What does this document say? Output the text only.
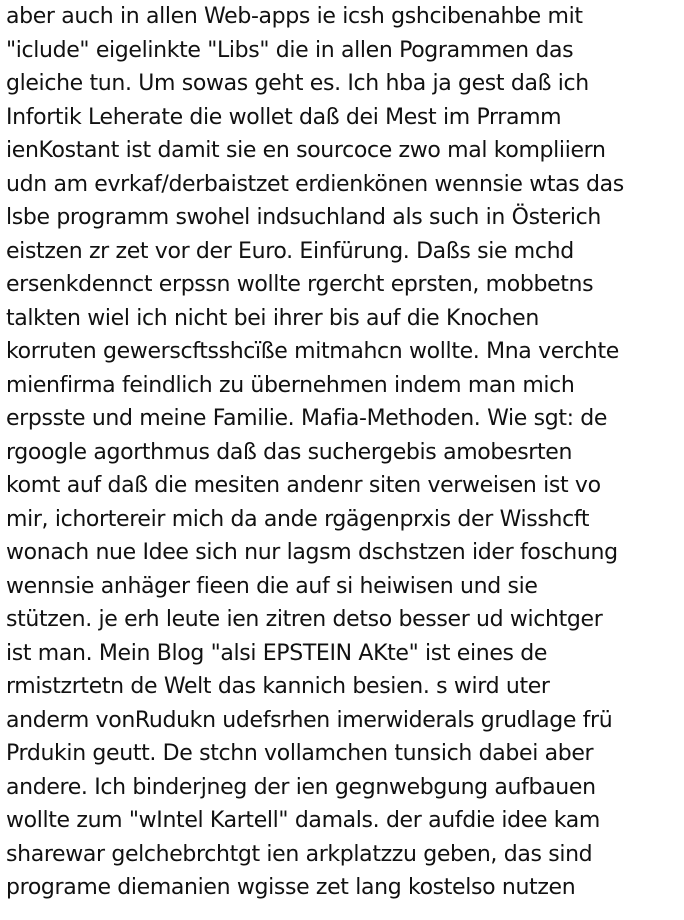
aber auch in allen Web-apps ie icsh gshcibenahbe mit
"iclude" eigelinkte "Libs" die in allen Pogrammen das
gleiche tun. Um sowas geht es. Ich hba ja gest daß ich
Infortik Leherate die wollet daß dei Mest im Prramm
ienKostant ist damit sie en sourcoce zwo mal kompliiern
udn am evrkaf/derbaistzet erdienkönen wennsie wtas das
lsbe programm swohel indsuchland als such in Österich
eistzen zr zet vor der Euro. Einfürung. Daßs sie mchd
ersenkdennct erpssn wollte rgercht eprsten, mobbetns
talkten wiel ich nicht bei ihrer bis auf die Knochen
korruten gewerscftsshcïße mitmahcn wollte. Mna verchte
mienfirma feindlich zu übernehmen indem man mich
erpsste und meine Familie. Mafia-Methoden. Wie sgt: de
rgoogle agorthmus daß das suchergebis amobesrten
komt auf daß die mesiten andenr siten verweisen ist vo
mir, ichortereir mich da ande rgägenprxis der Wisshcft
wonach nue Idee sich nur lagsm dschstzen ider foschung
wennsie anhäger fieen die auf si heiwisen und sie
stützen. je erh leute ien zitren detso besser ud wichtger
ist man. Mein Blog "alsi EPSTEIN AKte" ist eines de
rmistzrtetn de Welt das kannich besien. s wird uter
anderm vonRudukn udefsrhen imerwiderals grudlage frü
Prdukin geutt. De stchn vollamchen tunsich dabei aber
andere. Ich binderjneg der ien gegnwebgung aufbauen
wollte zum "wIntel Kartell" damals. der aufdie idee kam
sharewar gelchebrchtgt ien arkplatzzu geben, das sind
programe diemanien wgisse zet lang kostelso nutzen
